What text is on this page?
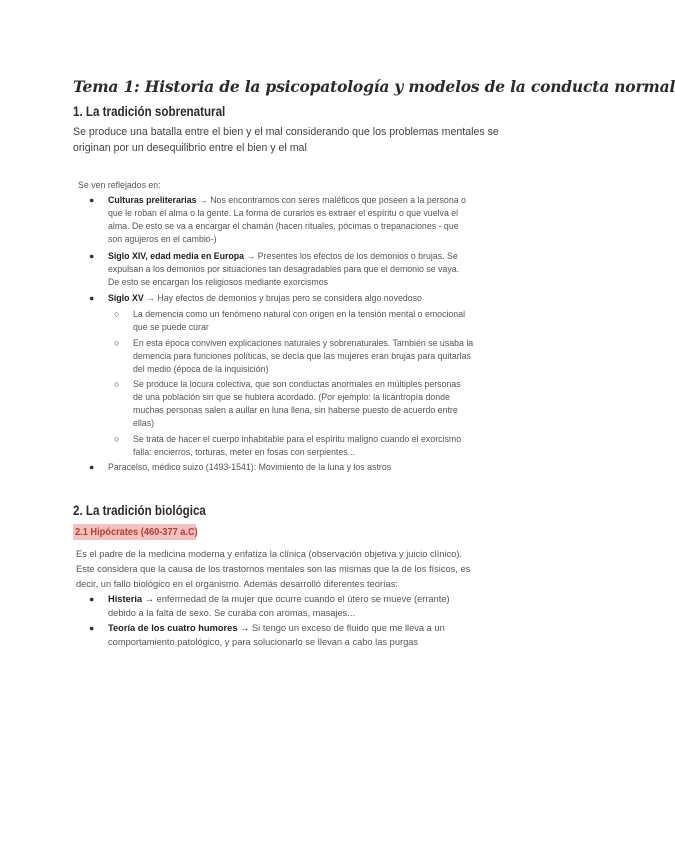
Tema 1: Historia de la psicopatología y modelos de la conducta normal
1. La tradición sobrenatural
Se produce una batalla entre el bien y el mal considerando que los problemas mentales se
originan por un desequilibrio entre el bien y el mal
Se ven reflejados en:
● Culturas preliterarias → Nos encontramos con seres maléficos que poseen a la persona o
que le roban el alma o la gente. La forma de curarlos es extraer el espíritu o que vuelva el
alma. De esto se va a encargar el chamán (hacen rituales, pócimas o trepanaciones - que
son agujeros en el cambio-)
● Siglo XIV, edad media en Europa → Presentes los efectos de los demonios o brujas. Se
expulsan a los demonios por situaciones tan desagradables para que el demonio se vaya.
De esto se encargan los religiosos mediante exorcismos
● Siglo XV → Hay efectos de demonios y brujas pero se considera algo novedoso
○ La demencia como un fenómeno natural con origen en la tensión mental o emocional
que se puede curar
○ En esta época conviven explicaciones naturales y sobrenaturales. También se usaba la
demencia para funciones políticas, se decía que las mujeres eran brujas para quitarlas
del medio (época de la inquisición)
○ Se produce la locura colectiva, que son conductas anormales en múltiples personas
de una población sin que se hubiera acordado. (Por ejemplo: la licantropía donde
muchas personas salen a aullar en luna llena, sin haberse puesto de acuerdo entre
ellas)
○ Se trata de hacer el cuerpo inhabitable para el espíritu maligno cuando el exorcismo
falla: encierros, torturas, meter en fosas con serpientes...
● Paracelso, médico suizo (1493-1541): Movimiento de la luna y los astros
2. La tradición biológica
2.1 Hipócrates (460-377 a.C)
Es el padre de la medicina moderna y enfatiza la clínica (observación objetiva y juicio clínico).
Este considera que la causa de los trastornos mentales son las mismas que la de los físicos, es
decir, un fallo biológico en el organismo. Además desarrolló diferentes teorías:
● Histeria → enfermedad de la mujer que ocurre cuando el útero se mueve (errante)
debido a la falta de sexo. Se curaba con aromas, masajes...
● Teoría de los cuatro humores → Si tengo un exceso de fluido que me lleva a un
comportamiento patológico, y para solucionarlo se llevan a cabo las purgas
